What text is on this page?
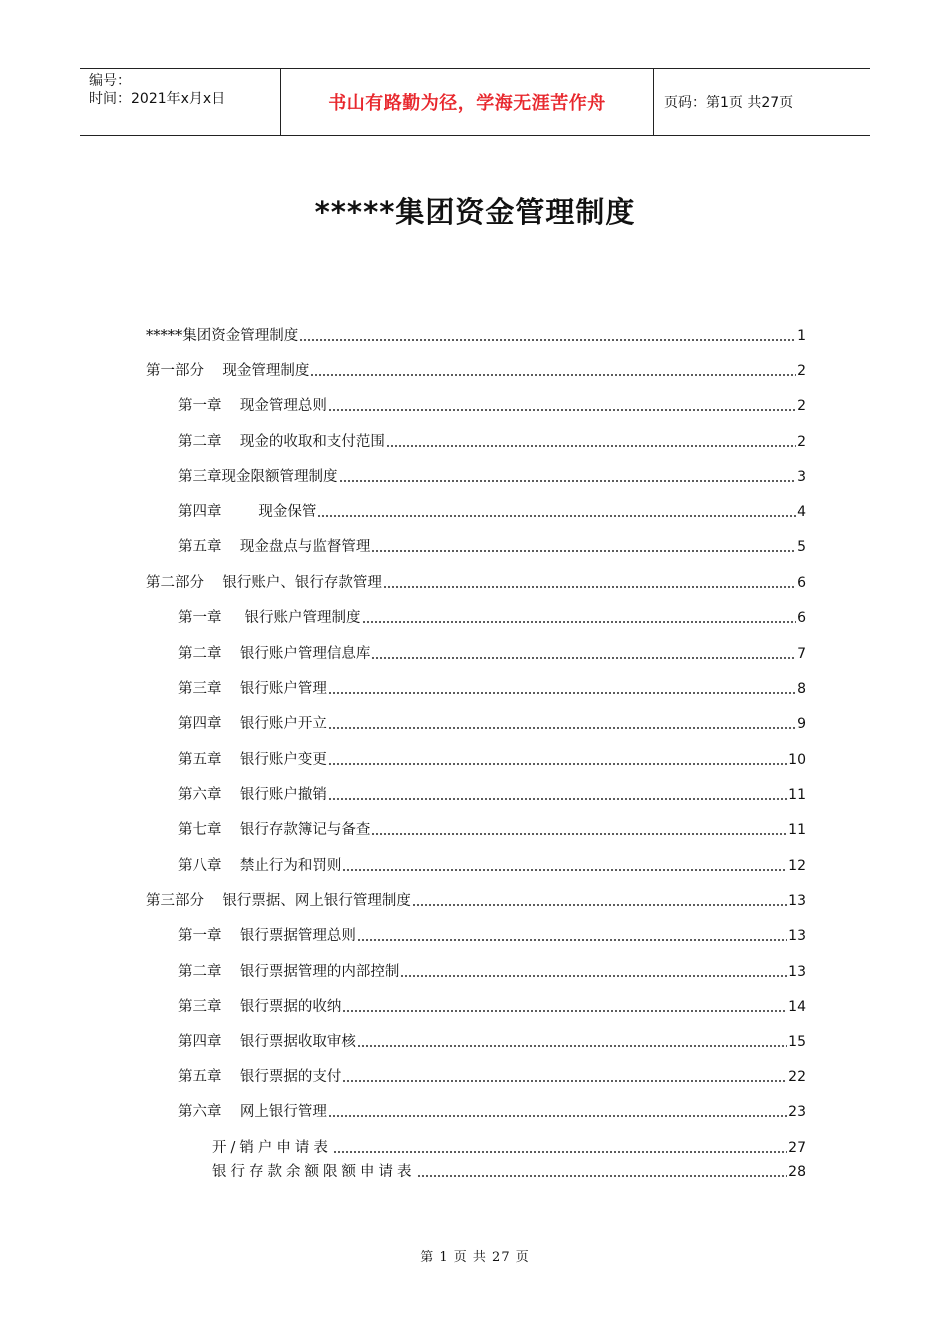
编号：
时间：2021年x月x日	书山有路勤为径，学海无涯苦作舟	页码：第1页 共27页
*****集团资金管理制度
*****集团资金管理制度	1
第一部分    现金管理制度	2
第一章    现金管理总则	2
第二章    现金的收取和支付范围	2
第三章现金限额管理制度	3
第四章        现金保管	4
第五章    现金盘点与监督管理	5
第二部分    银行账户、银行存款管理	6
第一章     银行账户管理制度	6
第二章    银行账户管理信息库	7
第三章    银行账户管理	8
第四章    银行账户开立	9
第五章    银行账户变更	10
第六章    银行账户撤销	11
第七章    银行存款簿记与备查	11
第八章    禁止行为和罚则	12
第三部分    银行票据、网上银行管理制度	13
第一章    银行票据管理总则	13
第二章    银行票据管理的内部控制	13
第三章    银行票据的收纳	14
第四章    银行票据收取审核	15
第五章    银行票据的支付	22
第六章    网上银行管理	23
开/销户申请表	27
银行存款余额限额申请表	28
第 1 页 共 27 页
